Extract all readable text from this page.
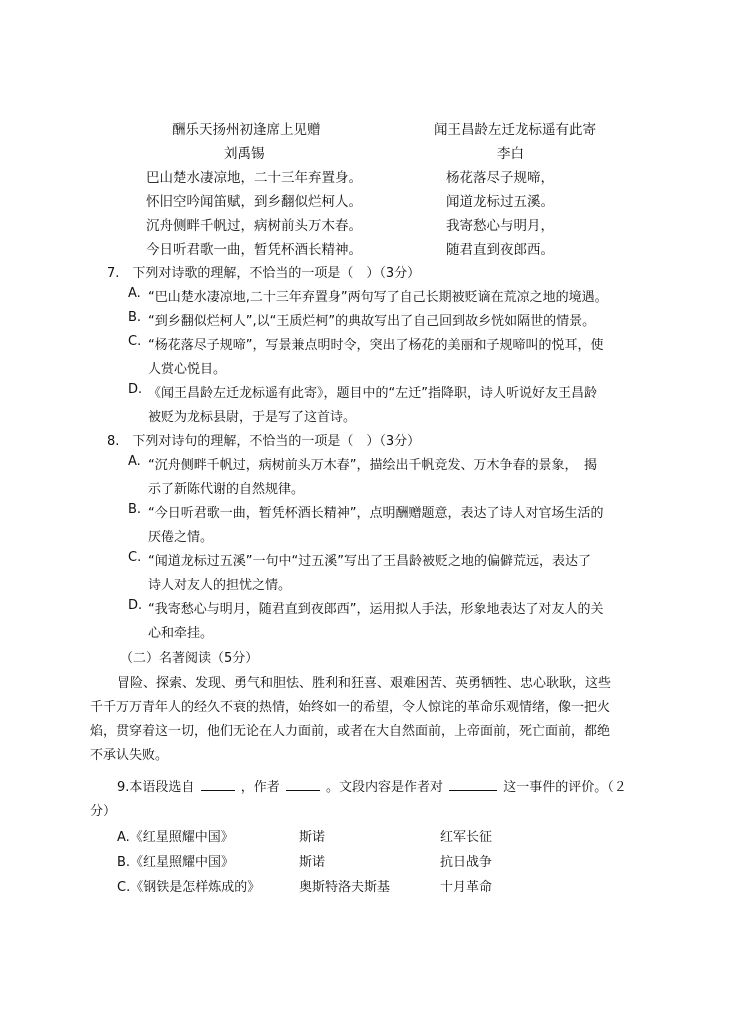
酬乐天扬州初逢席上见赠	闻王昌龄左迁龙标遥有此寄
刘禹锡	李白
巴山楚水凄凉地，二十三年弃置身。
怀旧空吟闻笛赋，到乡翻似烂柯人。
沉舟侧畔千帆过，病树前头万木春。
今日听君歌一曲，暂凭杯酒长精神。
杨花落尽子规啼，
闻道龙标过五溪。
我寄愁心与明月，
随君直到夜郎西。
7.　下列对诗歌的理解，不恰当的一项是（　）（3分）
A. “巴山楚水凄凉地,二十三年弃置身”两句写了自己长期被贬谪在荒凉之地的境遇。
B. “到乡翻似烂柯人”,以“王质烂柯”的典故写出了自己回到故乡恍如隔世的情景。
C. “杨花落尽子规啼”，写景兼点明时令，突出了杨花的美丽和子规啼叫的悦耳，使
人赏心悦目。
D. 《闻王昌龄左迁龙标遥有此寄》，题目中的“左迁”指降职，诗人听说好友王昌龄
被贬为龙标县尉，于是写了这首诗。
8.　下列对诗句的理解，不恰当的一项是（　）（3分）
A. “沉舟侧畔千帆过，病树前头万木春”，描绘出千帆竞发、万木争春的景象，　揭
示了新陈代谢的自然规律。
B. “今日听君歌一曲，暂凭杯酒长精神”，点明酬赠题意，表达了诗人对官场生活的
厌倦之情。
C. “闻道龙标过五溪”一句中“过五溪”写出了王昌龄被贬之地的偏僻荒远，表达了
诗人对友人的担忧之情。
D. “我寄愁心与明月，随君直到夜郎西”，运用拟人手法，形象地表达了对友人的关
心和牵挂。
（二）名著阅读（5分）
冒险、探索、发现、勇气和胆怯、胜利和狂喜、艰难困苦、英勇牺牲、忠心耿耿，这些
千千万万青年人的经久不衰的热情，始终如一的希望，令人惊诧的革命乐观情绪，像一把火
焰，贯穿着这一切，他们无论在人力面前，或者在大自然面前，上帝面前，死亡面前，都绝
不承认失败。
9.本语段选自	，作者	。文段内容是作者对	这一事件的评价。（２
分）
A.《红星照耀中国》	斯诺	红军长征
B.《红星照耀中国》	斯诺	抗日战争
C.《钢铁是怎样炼成的》	奥斯特洛夫斯基	十月革命
